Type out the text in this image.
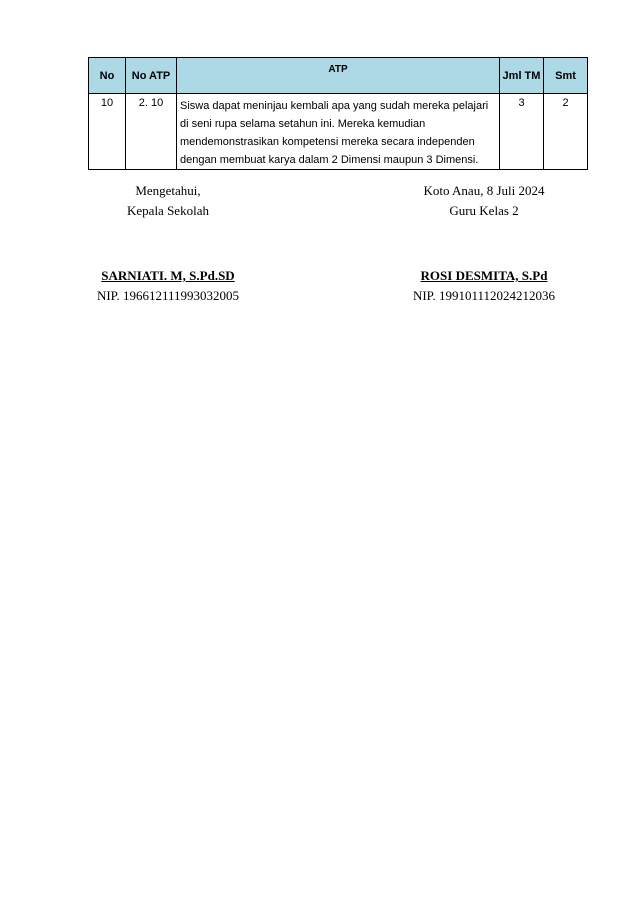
No	No ATP	ATP	Jml TM	Smt
10	2. 10	Siswa dapat meninjau kembali apa yang sudah mereka pelajari di seni rupa selama setahun ini. Mereka kemudian mendemonstrasikan kompetensi mereka secara independen dengan membuat karya dalam 2 Dimensi maupun 3 Dimensi.	3	2
Mengetahui,
Kepala Sekolah
SARNIATI. M, S.Pd.SD
NIP. 196612111993032005
Koto Anau, 8 Juli 2024
Guru Kelas 2
ROSI DESMITA, S.Pd
NIP. 199101112024212036
